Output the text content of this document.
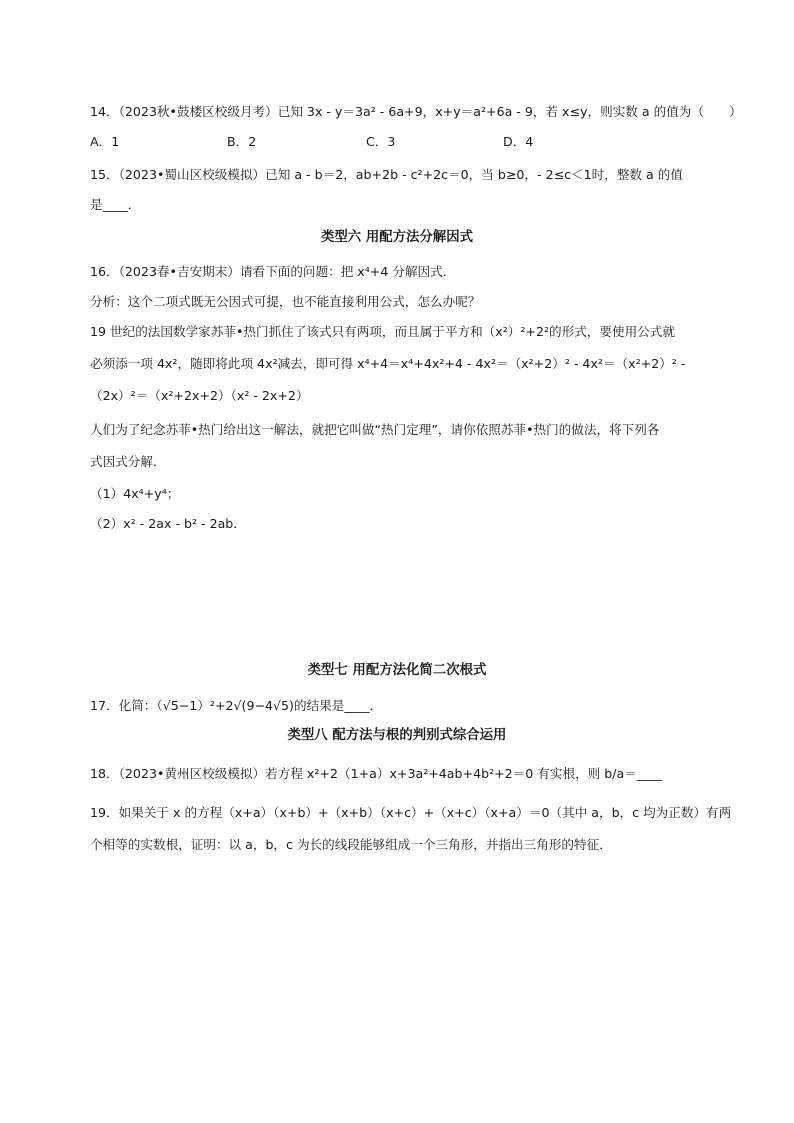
14．（2023秋•鼓楼区校级月考）已知 3x - y＝3a² - 6a+9，x+y＝a²+6a - 9，若 x≤y，则实数 a 的值为（　　）
A．1	B．2	C．3	D．4
15．（2023•蜀山区校级模拟）已知 a - b＝2，ab+2b - c²+2c＝0，当 b≥0，- 2≤c＜1时，整数 a 的值
是____．
类型六 用配方法分解因式
16．（2023春•吉安期末）请看下面的问题：把 x⁴+4 分解因式．
分析：这个二项式既无公因式可提，也不能直接利用公式，怎么办呢？
19 世纪的法国数学家苏菲•热门抓住了该式只有两项，而且属于平方和（x²）²+2²的形式，要使用公式就
必须添一项 4x²，随即将此项 4x²减去，即可得 x⁴+4＝x⁴+4x²+4 - 4x²＝（x²+2）² - 4x²＝（x²+2）² -
（2x）²＝（x²+2x+2）（x² - 2x+2）
人们为了纪念苏菲•热门给出这一解法，就把它叫做“热门定理”，请你依照苏菲•热门的做法，将下列各
式因式分解．
（1）4x⁴+y⁴；
（2）x² - 2ax - b² - 2ab．
类型七 用配方法化简二次根式
17．化简：（√5−1）²+2√(9−4√5)的结果是____．
类型八 配方法与根的判别式综合运用
18．（2023•黄州区校级模拟）若方程 x²+2（1+a）x+3a²+4ab+4b²+2＝0 有实根，则 b/a＝____
19．如果关于 x 的方程（x+a）（x+b）+（x+b）（x+c）+（x+c）（x+a）＝0（其中 a，b，c 均为正数）有两
个相等的实数根，证明：以 a，b，c 为长的线段能够组成一个三角形，并指出三角形的特征．
